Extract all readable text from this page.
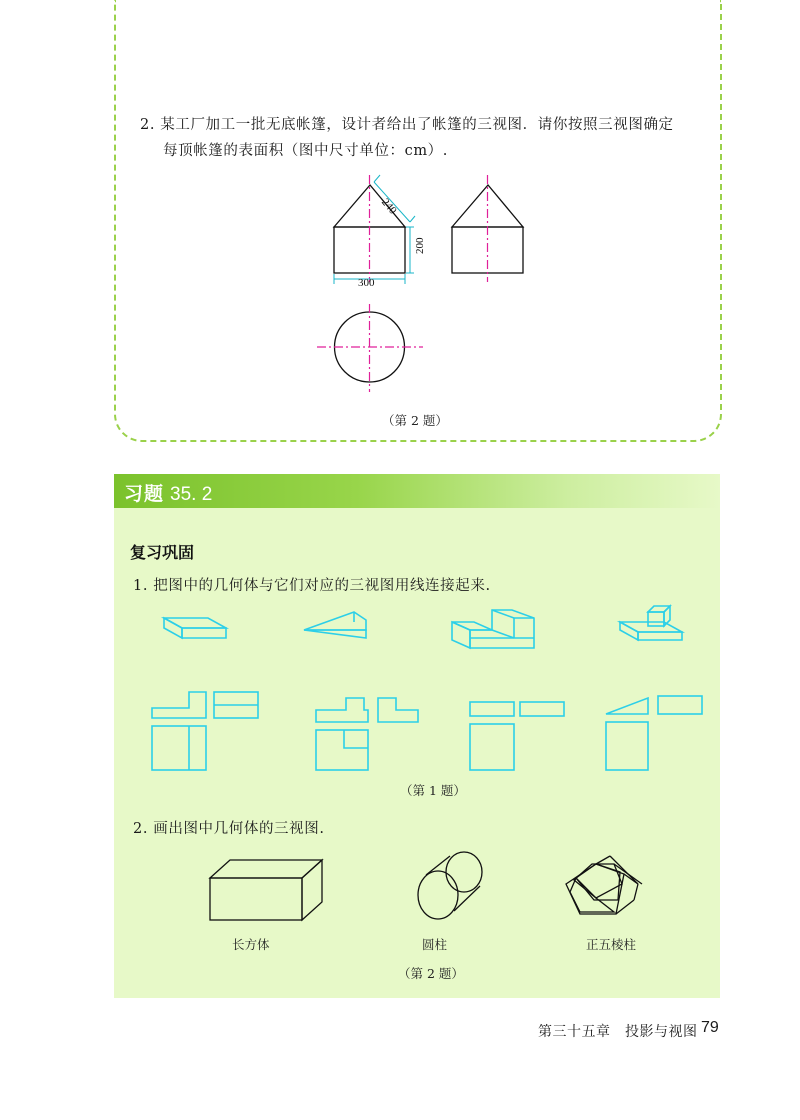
2. 某工厂加工一批无底帐篷，设计者给出了帐篷的三视图．请你按照三视图确定
每顶帐篷的表面积（图中尺寸单位：cm）.
240
200
300
（第 2 题）
习题 35. 2
复习巩固
1. 把图中的几何体与它们对应的三视图用线连接起来.
（第 1 题）
2. 画出图中几何体的三视图.
长方体	圆柱	正五棱柱
（第 2 题）
第三十五章　投影与视图 79
